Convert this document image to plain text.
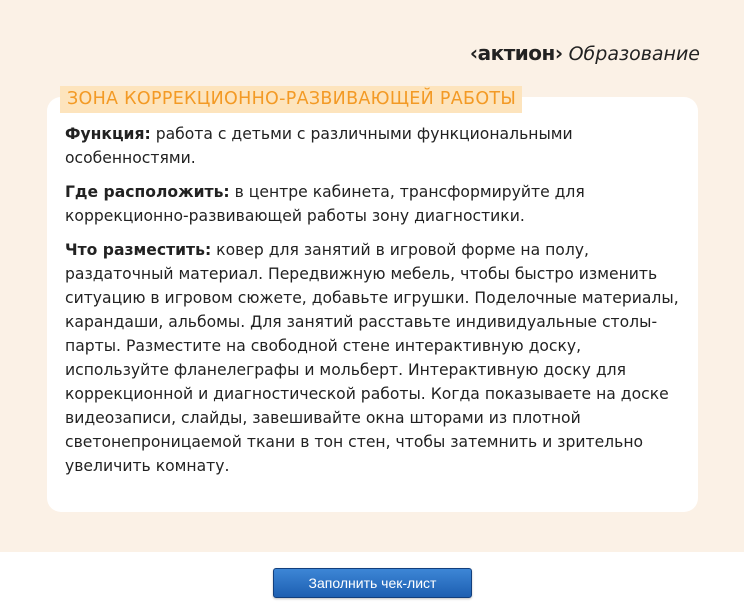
‹актион› Образование
ЗОНА КОРРЕКЦИОННО-РАЗВИВАЮЩЕЙ РАБОТЫ

Функция: работа с детьми с различными функциональными особенностями.

Где расположить: в центре кабинета, трансформируйте для коррекционно-развивающей работы зону диагностики.

Что разместить: ковер для занятий в игровой форме на полу, раздаточный материал. Передвижную мебель, чтобы быстро изменить ситуацию в игровом сюжете, добавьте игрушки. Поделочные материалы, карандаши, альбомы. Для занятий расставьте индивидуальные столы-парты. Разместите на свободной стене интерактивную доску, используйте фланелеграфы и мольберт. Интерактивную доску для коррекционной и диагностической работы. Когда показываете на доске видеозаписи, слайды, завешивайте окна шторами из плотной светонепроницаемой ткани в тон стен, чтобы затемнить и зрительно увеличить комнату.

Заполнить чек-лист
